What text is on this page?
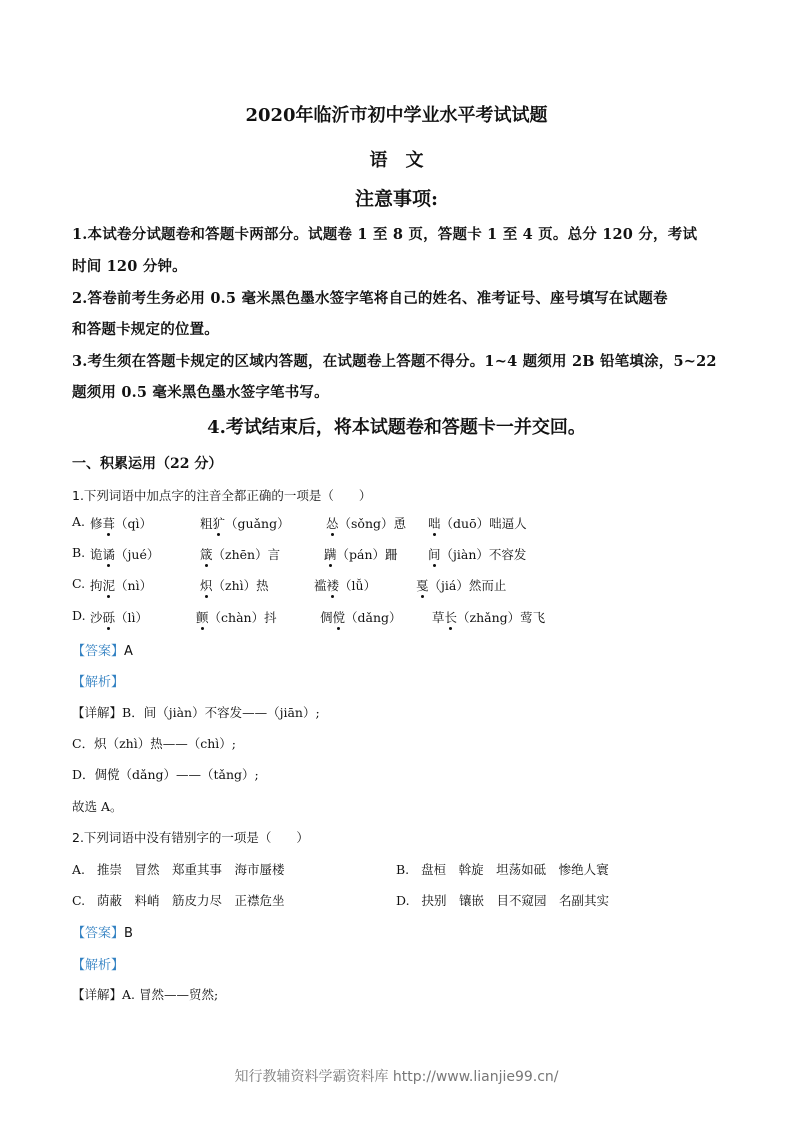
2020年临沂市初中学业水平考试试题
语　文
注意事项:
1.本试卷分试题卷和答题卡两部分。试题卷 1 至 8 页，答题卡 1 至 4 页。总分 120 分，考试
时间 120 分钟。
2.答卷前考生务必用 0.5 毫米黑色墨水签字笔将自己的姓名、准考证号、座号填写在试题卷
和答题卡规定的位置。
3.考生须在答题卡规定的区域内答题，在试题卷上答题不得分。1~4 题须用 2B 铅笔填涂，5~22
题须用 0.5 毫米黑色墨水签字笔书写。
4.考试结束后，将本试题卷和答题卡一并交回。
一、积累运用（22 分）
1.下列词语中加点字的注音全都正确的一项是（　　）
A. 修葺（qì）	粗犷（guǎng）	怂（sǒng）恿 咄（duō）咄逼人
B. 诡谲（jué）	箴（zhēn）言	蹒（pán）跚 间（jiàn）不容发
C. 拘泥（nì）	炽（zhì）热	褴褛（lǚ）	戛（jiá）然而止
D. 沙砾（lì）	颤（chàn）抖	倜傥（dǎng） 草长（zhǎng）莺飞
【答案】A
【解析】
【详解】B．间（jiàn）不容发——（jiān）;
C．炽（zhì）热——（chì）;
D．倜傥（dǎng）——（tǎng）;
故选 A。
2.下列词语中没有错别字的一项是（　　）
A. 推崇　冒然　郑重其事　海市蜃楼	B. 盘桓　斡旋　坦荡如砥　惨绝人寰
C. 荫蔽　料峭　筋皮力尽　正襟危坐	D. 抉别　镶嵌　目不窥园　名副其实
【答案】B
【解析】
【详解】A. 冒然——贸然;
知行教辅资料学霸资料库 http://www.lianjie99.cn/
